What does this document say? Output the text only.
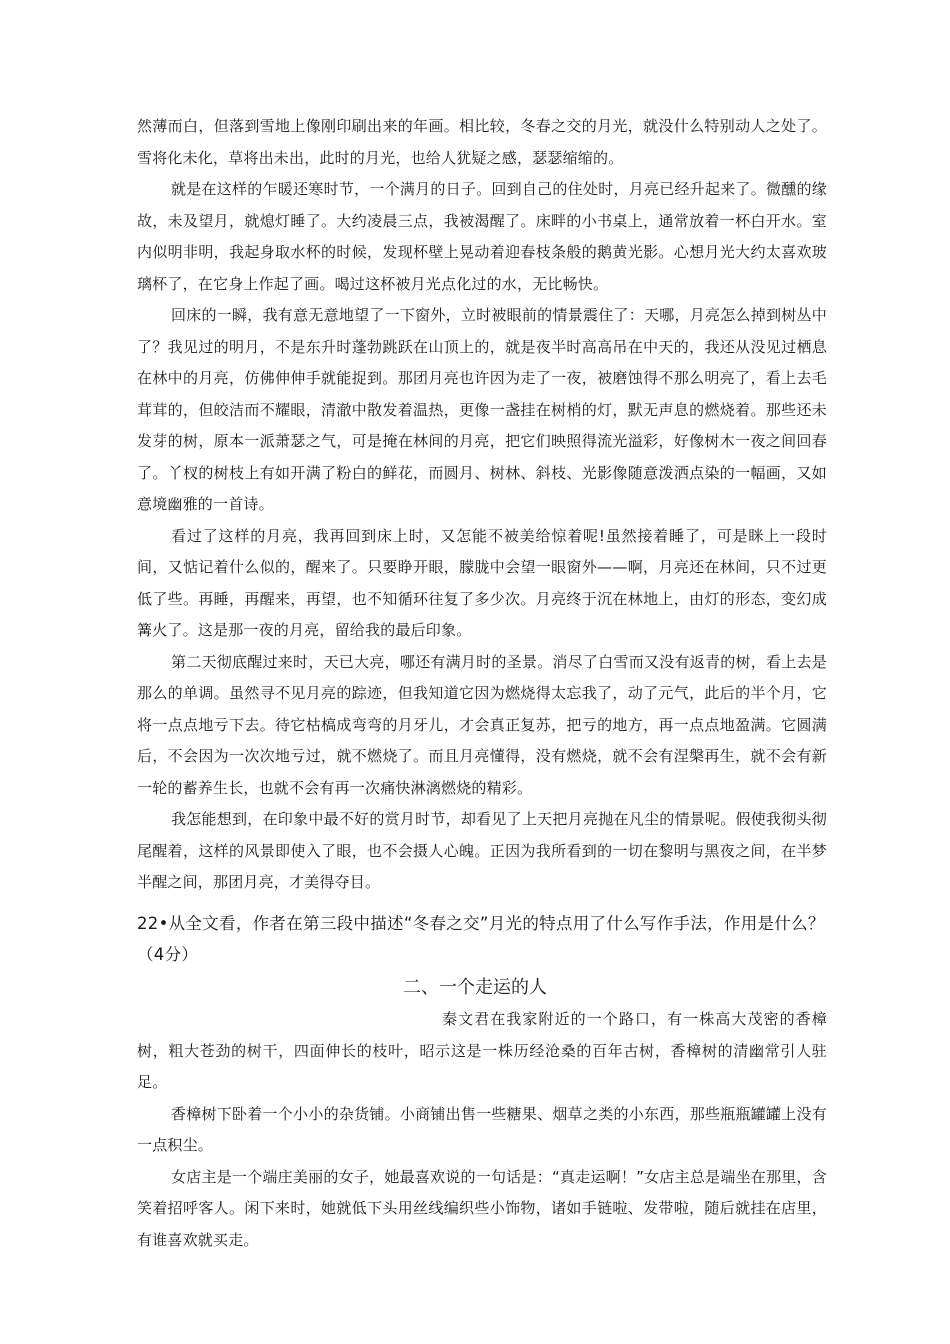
然薄而白，但落到雪地上像刚印刷出来的年画。相比较，冬春之交的月光，就没什么特别动人之处了。雪将化未化，草将出未出，此时的月光，也给人犹疑之感，瑟瑟缩缩的。

就是在这样的乍暖还寒时节，一个满月的日子。回到自己的住处时，月亮已经升起来了。微醺的缘故，未及望月，就熄灯睡了。大约凌晨三点，我被渴醒了。床畔的小书桌上，通常放着一杯白开水。室内似明非明，我起身取水杯的时候，发现杯壁上晃动着迎春枝条般的鹅黄光影。心想月光大约太喜欢玻璃杯了，在它身上作起了画。喝过这杯被月光点化过的水，无比畅快。

回床的一瞬，我有意无意地望了一下窗外，立时被眼前的情景震住了：天哪，月亮怎么掉到树丛中了？我见过的明月，不是东升时蓬勃跳跃在山顶上的，就是夜半时高高吊在中天的，我还从没见过栖息在林中的月亮，仿佛伸伸手就能捉到。那团月亮也许因为走了一夜，被磨蚀得不那么明亮了，看上去毛茸茸的，但皎洁而不耀眼，清澈中散发着温热，更像一盏挂在树梢的灯，默无声息的燃烧着。那些还未发芽的树，原本一派萧瑟之气，可是掩在林间的月亮，把它们映照得流光溢彩，好像树木一夜之间回春了。丫杈的树枝上有如开满了粉白的鲜花，而圆月、树林、斜枝、光影像随意泼洒点染的一幅画，又如意境幽雅的一首诗。

看过了这样的月亮，我再回到床上时，又怎能不被美给惊着呢!虽然接着睡了，可是眯上一段时间，又惦记着什么似的，醒来了。只要睁开眼，朦胧中会望一眼窗外——啊，月亮还在林间，只不过更低了些。再睡，再醒来，再望，也不知循环往复了多少次。月亮终于沉在林地上，由灯的形态，变幻成篝火了。这是那一夜的月亮，留给我的最后印象。

第二天彻底醒过来时，天已大亮，哪还有满月时的圣景。消尽了白雪而又没有返青的树，看上去是那么的单调。虽然寻不见月亮的踪迹，但我知道它因为燃烧得太忘我了，动了元气，此后的半个月，它将一点点地亏下去。待它枯槁成弯弯的月牙儿，才会真正复苏，把亏的地方，再一点点地盈满。它圆满后，不会因为一次次地亏过，就不燃烧了。而且月亮懂得，没有燃烧，就不会有涅槃再生，就不会有新一轮的蓄养生长，也就不会有再一次痛快淋漓燃烧的精彩。

我怎能想到，在印象中最不好的赏月时节，却看见了上天把月亮抛在凡尘的情景呢。假使我彻头彻尾醒着，这样的风景即使入了眼，也不会摄人心魄。正因为我所看到的一切在黎明与黑夜之间，在半梦半醒之间，那团月亮，才美得夺目。

22•从全文看，作者在第三段中描述“冬春之交”月光的特点用了什么写作手法，作用是什么？（4分）

二、一个走运的人

秦文君在我家附近的一个路口，有一株高大茂密的香樟树，粗大苍劲的树干，四面伸长的枝叶，昭示这是一株历经沧桑的百年古树，香樟树的清幽常引人驻足。

香樟树下卧着一个小小的杂货铺。小商铺出售一些糖果、烟草之类的小东西，那些瓶瓶罐罐上没有一点积尘。

女店主是一个端庄美丽的女子，她最喜欢说的一句话是：“真走运啊！”女店主总是端坐在那里，含笑着招呼客人。闲下来时，她就低下头用丝线编织些小饰物，诸如手链啦、发带啦，随后就挂在店里，有谁喜欢就买走。
